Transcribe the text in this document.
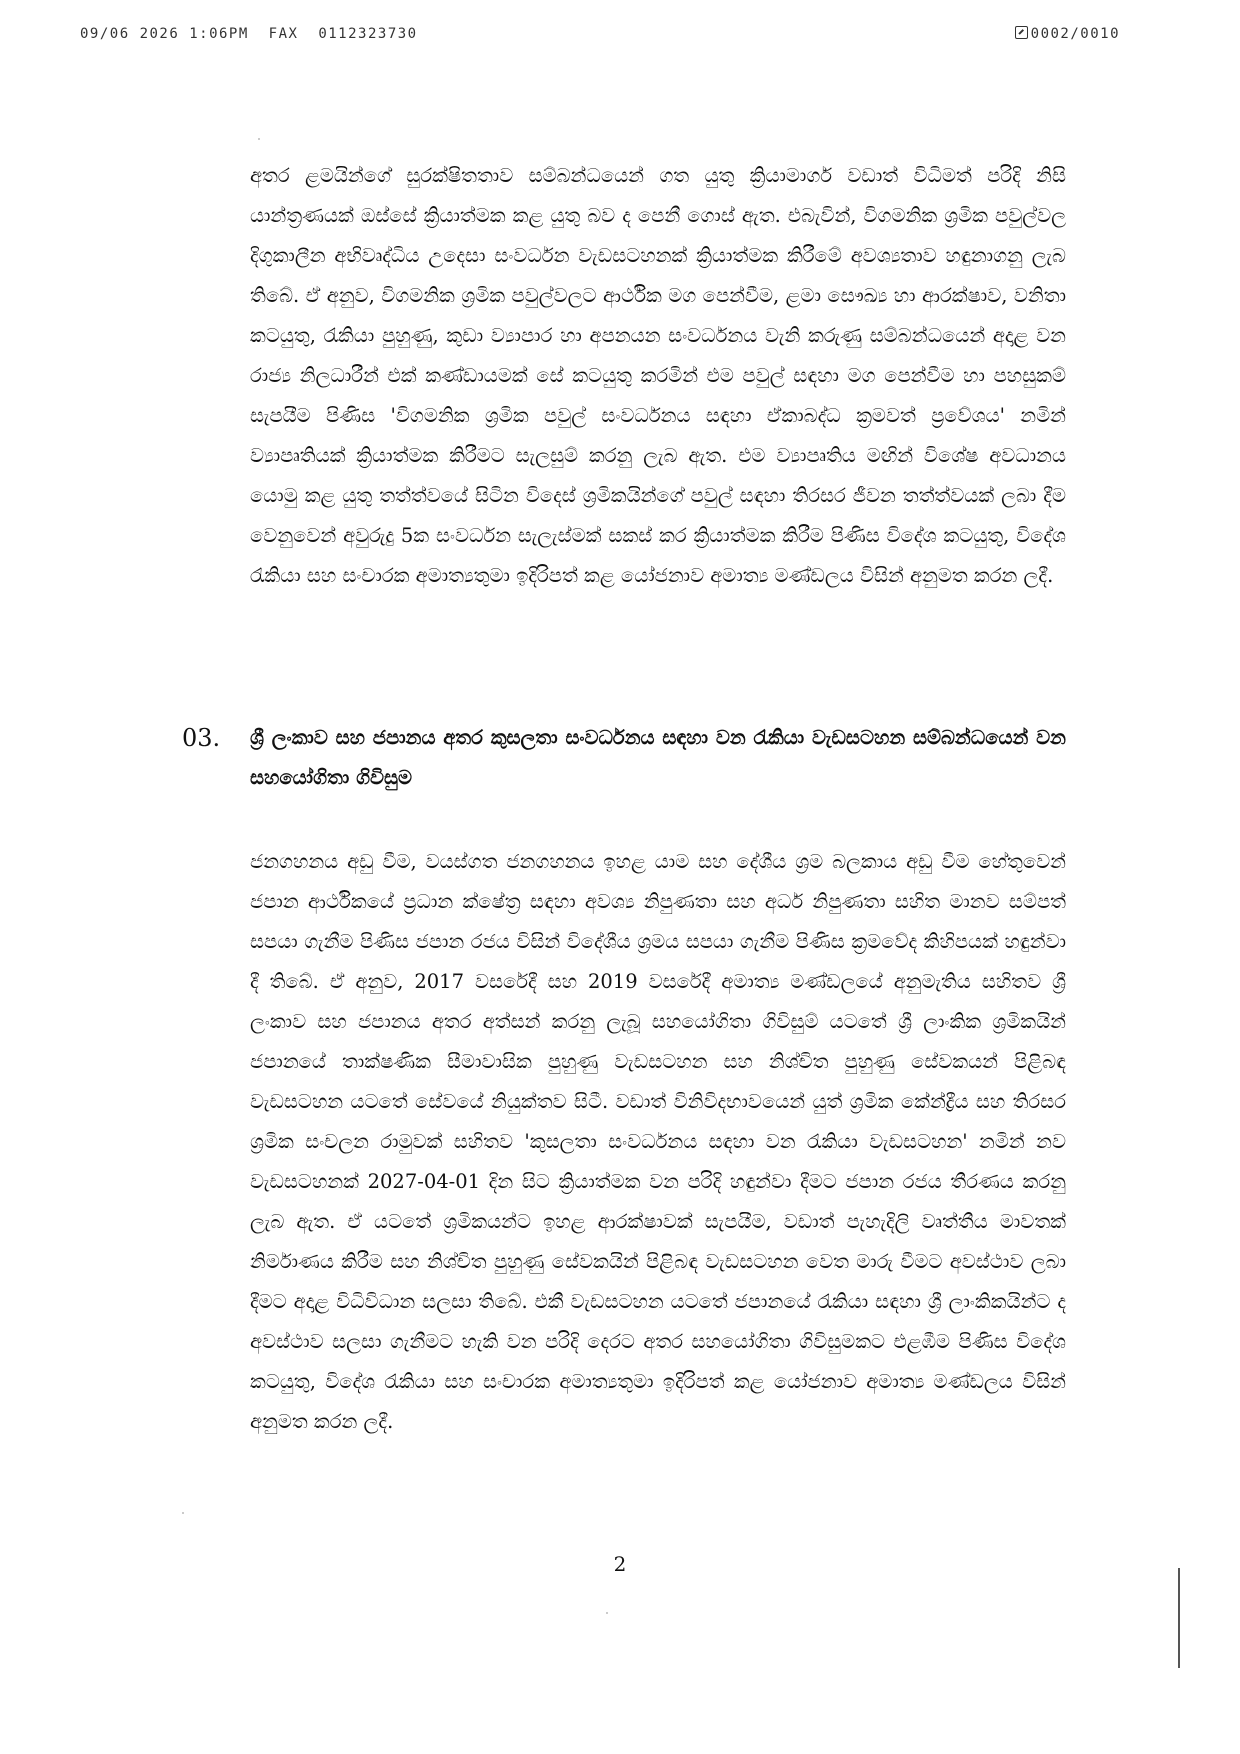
09/06 2026 1:06PM FAX 0112323730	0002/0010

අතර ළමයින්ගේ සුරක්ෂිතතාව සම්බන්ධයෙන් ගත යුතු ක්‍රියාමාර්ග වඩාත් විධිමත් පරිදි නිසි යාන්ත්‍රණයක් ඔස්සේ ක්‍රියාත්මක කළ යුතු බව ද පෙනී ගොස් ඇත. එබැවින්, විගමනික ශ්‍රමික පවුල්වල දිගුකාලීන අභිවෘද්ධිය උදෙසා සංවර්ධන වැඩසටහනක් ක්‍රියාත්මක කිරීමේ අවශ්‍යතාව හඳුනාගනු ලැබ තිබේ. ඒ අනුව, විගමනික ශ්‍රමික පවුල්වලට ආර්ථික මග පෙන්වීම, ළමා සෞඛ්‍ය හා ආරක්ෂාව, වනිතා කටයුතු, රැකියා පුහුණු, කුඩා ව්‍යාපාර හා අපනයන සංවර්ධනය වැනි කරුණු සම්බන්ධයෙන් අදාළ වන රාජ්‍ය නිලධාරීන් එක් කණ්ඩායමක් සේ කටයුතු කරමින් එම පවුල් සඳහා මග පෙන්වීම හා පහසුකම් සැපයීම පිණිස 'විගමනික ශ්‍රමික පවුල් සංවර්ධනය සඳහා ඒකාබද්ධ ක්‍රමවත් ප්‍රවේශය' නමින් ව්‍යාපෘතියක් ක්‍රියාත්මක කිරීමට සැලසුම් කරනු ලැබ ඇත. එම ව්‍යාපෘතිය මඟින් විශේෂ අවධානය යොමු කළ යුතු තත්ත්වයේ සිටින විදෙස් ශ්‍රමිකයින්ගේ පවුල් සඳහා තිරසර ජීවන තත්ත්වයක් ලබා දීම වෙනුවෙන් අවුරුදු 5ක සංවර්ධන සැලැස්මක් සකස් කර ක්‍රියාත්මක කිරීම පිණිස විදේශ කටයුතු, විදේශ රැකියා සහ සංචාරක අමාත්‍යතුමා ඉදිරිපත් කළ යෝජනාව අමාත්‍ය මණ්ඩලය විසින් අනුමත කරන ලදී.

03. ශ්‍රී ලංකාව සහ ජපානය අතර කුසලතා සංවර්ධනය සඳහා වන රැකියා වැඩසටහන සම්බන්ධයෙන් වන සහයෝගිතා ගිවිසුම

ජනගහනය අඩු වීම, වයස්ගත ජනගහනය ඉහළ යාම සහ දේශීය ශ්‍රම බලකාය අඩු වීම හේතුවෙන් ජපාන ආර්ථිකයේ ප්‍රධාන ක්ෂේත්‍ර සඳහා අවශ්‍ය නිපුණතා සහ අර්ධ නිපුණතා සහිත මානව සම්පත් සපයා ගැනීම පිණිස ජපාන රජය විසින් විදේශීය ශ්‍රමය සපයා ගැනීම පිණිස ක්‍රමවේද කිහිපයක් හඳුන්වා දී තිබේ. ඒ අනුව, 2017 වසරේදී සහ 2019 වසරේදී අමාත්‍ය මණ්ඩලයේ අනුමැතිය සහිතව ශ්‍රී ලංකාව සහ ජපානය අතර අත්සන් කරනු ලැබූ සහයෝගිතා ගිවිසුම් යටතේ ශ්‍රී ලාංකික ශ්‍රමිකයින් ජපානයේ තාක්ෂණික සීමාවාසික පුහුණු වැඩසටහන සහ නිශ්චිත පුහුණු සේවකයන් පිළිබඳ වැඩසටහන යටතේ සේවයේ නියුක්තව සිටී. වඩාත් විනිවිදභාවයෙන් යුත් ශ්‍රමික කේන්ද්‍රීය සහ තිරසර ශ්‍රමික සංචලන රාමුවක් සහිතව 'කුසලතා සංවර්ධනය සඳහා වන රැකියා වැඩසටහන' නමින් නව වැඩසටහනක් 2027-04-01 දින සිට ක්‍රියාත්මක වන පරිදි හඳුන්වා දීමට ජපාන රජය තීරණය කරනු ලැබ ඇත. ඒ යටතේ ශ්‍රමිකයන්ට ඉහළ ආරක්ෂාවක් සැපයීම, වඩාත් පැහැදිලි වෘත්තීය මාවතක් නිර්මාණය කිරීම සහ නිශ්චිත පුහුණු සේවකයින් පිළිබඳ වැඩසටහන වෙත මාරු වීමට අවස්ථාව ලබා දීමට අදාළ විධිවිධාන සලසා තිබේ. එකී වැඩසටහන යටතේ ජපානයේ රැකියා සඳහා ශ්‍රී ලාංකිකයින්ට ද අවස්ථාව සලසා ගැනීමට හැකි වන පරිදි දෙරට අතර සහයෝගිතා ගිවිසුමකට එළඹීම පිණිස විදේශ කටයුතු, විදේශ රැකියා සහ සංචාරක අමාත්‍යතුමා ඉදිරිපත් කළ යෝජනාව අමාත්‍ය මණ්ඩලය විසින් අනුමත කරන ලදී.

2
